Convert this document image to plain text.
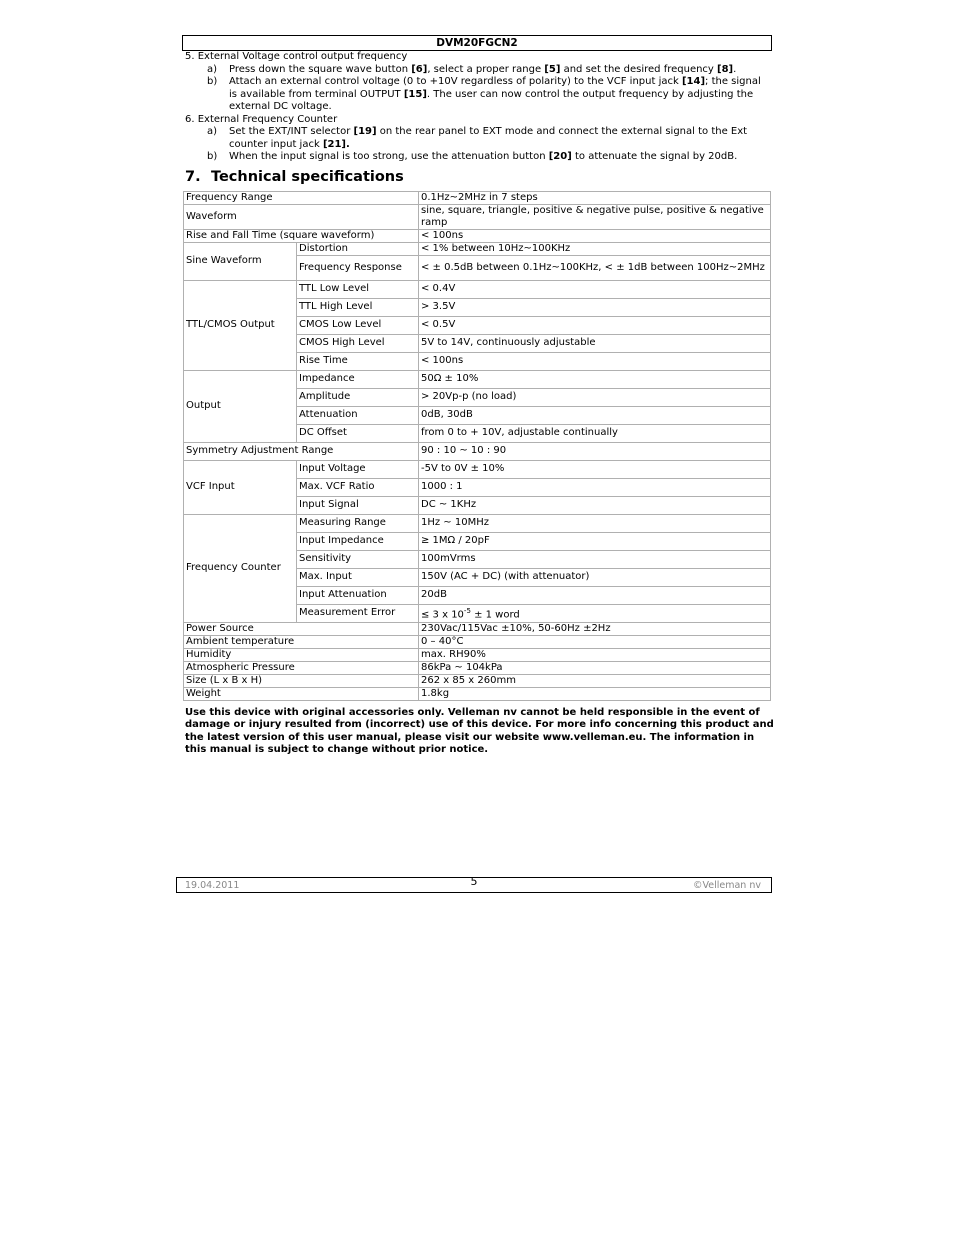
DVM20FGCN2

5. External Voltage control output frequency

a) Press down the square wave button [6], select a proper range [5] and set the desired frequency [8].
b) Attach an external control voltage (0 to +10V regardless of polarity) to the VCF input jack [14]; the signal is available from terminal OUTPUT [15]. The user can now control the output frequency by adjusting the external DC voltage.

6. External Frequency Counter

a) Set the EXT/INT selector [19] on the rear panel to EXT mode and connect the external signal to the Ext counter input jack [21].
b) When the input signal is too strong, use the attenuation button [20] to attenuate the signal by 20dB.
7. Technical specifications
Frequency Range		0.1Hz~2MHz in 7 steps
Waveform		sine, square, triangle, positive & negative pulse, positive & negative ramp
Rise and Fall Time (square waveform)		< 100ns
Sine Waveform	Distortion	< 1% between 10Hz~100KHz
	Frequency Response	< ± 0.5dB between 0.1Hz~100KHz, < ± 1dB between 100Hz~2MHz
TTL/CMOS Output	TTL Low Level	< 0.4V
	TTL High Level	> 3.5V
	CMOS Low Level	< 0.5V
	CMOS High Level	5V to 14V, continuously adjustable
	Rise Time	< 100ns
Output	Impedance	50Ω ± 10%
	Amplitude	> 20Vp-p (no load)
	Attenuation	0dB, 30dB
	DC Offset	from 0 to + 10V, adjustable continually
Symmetry Adjustment Range		90 : 10 ~ 10 : 90
VCF Input	Input Voltage	-5V to 0V ± 10%
	Max. VCF Ratio	1000 : 1
	Input Signal	DC ~ 1KHz
Frequency Counter	Measuring Range	1Hz ~ 10MHz
	Input Impedance	≥ 1MΩ / 20pF
	Sensitivity	100mVrms
	Max. Input	150V (AC + DC) (with attenuator)
	Input Attenuation	20dB
	Measurement Error	≤ 3 x $10^{-5} \pm 1$ word
Power Source		230Vac/115Vac ±10%, 50-60Hz ±2Hz
Ambient temperature		0 – 40°C
Humidity		max. RH90%
Atmospheric Pressure		86kPa ~ 104kPa
Size (L x B x H)		262 x 85 x 260mm
Weight		1.8kg

Use this device with original accessories only. Velleman nv cannot be held responsible in the event of damage or injury resulted from (incorrect) use of this device. For more info concerning this product and the latest version of this user manual, please visit our website www.velleman.eu. The information in this manual is subject to change without prior notice.

19.04.2011	5	©Velleman nv
